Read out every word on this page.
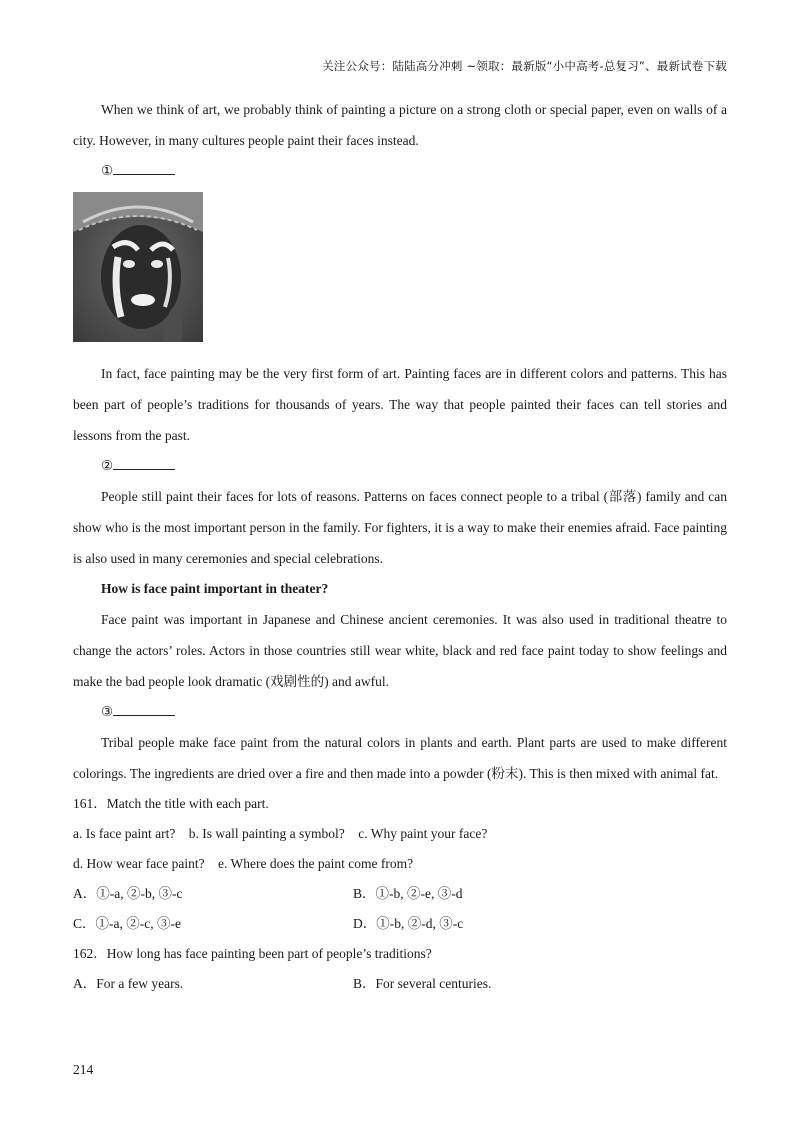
关注公众号：陆陆高分冲刺 ~领取：最新版“小中高考-总复习”、最新试卷下载

When we think of art, we probably think of painting a picture on a strong cloth or special paper, even on walls of a city. However, in many cultures people paint their faces instead.

①

In fact, face painting may be the very first form of art. Painting faces are in different colors and patterns. This has been part of people’s traditions for thousands of years. The way that people painted their faces can tell stories and lessons from the past.

②

People still paint their faces for lots of reasons. Patterns on faces connect people to a tribal (部落) family and can show who is the most important person in the family. For fighters, it is a way to make their enemies afraid. Face painting is also used in many ceremonies and special celebrations.

How is face paint important in theater?

Face paint was important in Japanese and Chinese ancient ceremonies. It was also used in traditional theatre to change the actors’ roles. Actors in those countries still wear white, black and red face paint today to show feelings and make the bad people look dramatic (戏剧性的) and awful.

③

Tribal people make face paint from the natural colors in plants and earth. Plant parts are used to make different colorings. The ingredients are dried over a fire and then made into a powder (粉末). This is then mixed with animal fat.

161．Match the title with each part.

a. Is face paint art?    b. Is wall painting a symbol?    c. Why paint your face?

d. How wear face paint?    e. Where does the paint come from?

A．①-a, ②-b, ③-c	B．①-b, ②-e, ③-d
C．①-a, ②-c, ③-e	D．①-b, ②-d, ③-c

162．How long has face painting been part of people’s traditions?

A．For a few years.	B．For several centuries.
214
